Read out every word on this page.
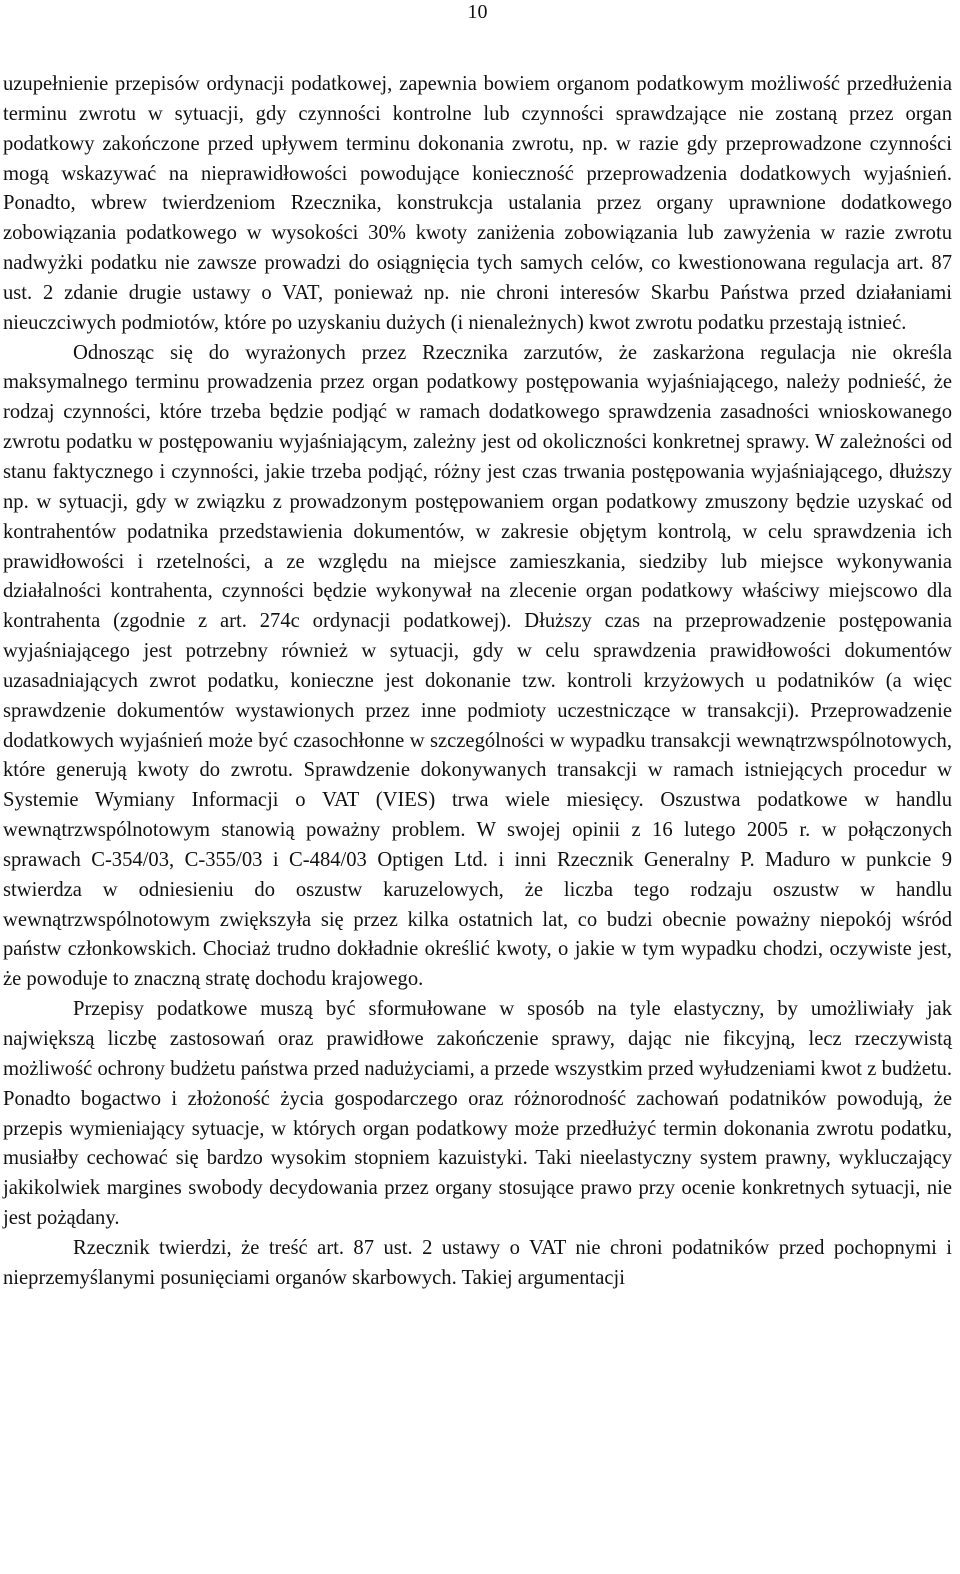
10

uzupełnienie przepisów ordynacji podatkowej, zapewnia bowiem organom podatkowym możliwość przedłużenia terminu zwrotu w sytuacji, gdy czynności kontrolne lub czynności sprawdzające nie zostaną przez organ podatkowy zakończone przed upływem terminu dokonania zwrotu, np. w razie gdy przeprowadzone czynności mogą wskazywać na nieprawidłowości powodujące konieczność przeprowadzenia dodatkowych wyjaśnień. Ponadto, wbrew twierdzeniom Rzecznika, konstrukcja ustalania przez organy uprawnione dodatkowego zobowiązania podatkowego w wysokości 30% kwoty zaniżenia zobowiązania lub zawyżenia w razie zwrotu nadwyżki podatku nie zawsze prowadzi do osiągnięcia tych samych celów, co kwestionowana regulacja art. 87 ust. 2 zdanie drugie ustawy o VAT, ponieważ np. nie chroni interesów Skarbu Państwa przed działaniami nieuczciwych podmiotów, które po uzyskaniu dużych (i nienależnych) kwot zwrotu podatku przestają istnieć.

Odnosząc się do wyrażonych przez Rzecznika zarzutów, że zaskarżona regulacja nie określa maksymalnego terminu prowadzenia przez organ podatkowy postępowania wyjaśniającego, należy podnieść, że rodzaj czynności, które trzeba będzie podjąć w ramach dodatkowego sprawdzenia zasadności wnioskowanego zwrotu podatku w postępowaniu wyjaśniającym, zależny jest od okoliczności konkretnej sprawy. W zależności od stanu faktycznego i czynności, jakie trzeba podjąć, różny jest czas trwania postępowania wyjaśniającego, dłuższy np. w sytuacji, gdy w związku z prowadzonym postępowaniem organ podatkowy zmuszony będzie uzyskać od kontrahentów podatnika przedstawienia dokumentów, w zakresie objętym kontrolą, w celu sprawdzenia ich prawidłowości i rzetelności, a ze względu na miejsce zamieszkania, siedziby lub miejsce wykonywania działalności kontrahenta, czynności będzie wykonywał na zlecenie organ podatkowy właściwy miejscowo dla kontrahenta (zgodnie z art. 274c ordynacji podatkowej). Dłuższy czas na przeprowadzenie postępowania wyjaśniającego jest potrzebny również w sytuacji, gdy w celu sprawdzenia prawidłowości dokumentów uzasadniających zwrot podatku, konieczne jest dokonanie tzw. kontroli krzyżowych u podatników (a więc sprawdzenie dokumentów wystawionych przez inne podmioty uczestniczące w transakcji). Przeprowadzenie dodatkowych wyjaśnień może być czasochłonne w szczególności w wypadku transakcji wewnątrzwspólnotowych, które generują kwoty do zwrotu. Sprawdzenie dokonywanych transakcji w ramach istniejących procedur w Systemie Wymiany Informacji o VAT (VIES) trwa wiele miesięcy. Oszustwa podatkowe w handlu wewnątrzwspólnotowym stanowią poważny problem. W swojej opinii z 16 lutego 2005 r. w połączonych sprawach C-354/03, C-355/03 i C-484/03 Optigen Ltd. i inni Rzecznik Generalny P. Maduro w punkcie 9 stwierdza w odniesieniu do oszustw karuzelowych, że liczba tego rodzaju oszustw w handlu wewnątrzwspólnotowym zwiększyła się przez kilka ostatnich lat, co budzi obecnie poważny niepokój wśród państw członkowskich. Chociaż trudno dokładnie określić kwoty, o jakie w tym wypadku chodzi, oczywiste jest, że powoduje to znaczną stratę dochodu krajowego.

Przepisy podatkowe muszą być sformułowane w sposób na tyle elastyczny, by umożliwiały jak największą liczbę zastosowań oraz prawidłowe zakończenie sprawy, dając nie fikcyjną, lecz rzeczywistą możliwość ochrony budżetu państwa przed nadużyciami, a przede wszystkim przed wyłudzeniami kwot z budżetu. Ponadto bogactwo i złożoność życia gospodarczego oraz różnorodność zachowań podatników powodują, że przepis wymieniający sytuacje, w których organ podatkowy może przedłużyć termin dokonania zwrotu podatku, musiałby cechować się bardzo wysokim stopniem kazuistyki. Taki nieelastyczny system prawny, wykluczający jakikolwiek margines swobody decydowania przez organy stosujące prawo przy ocenie konkretnych sytuacji, nie jest pożądany.

Rzecznik twierdzi, że treść art. 87 ust. 2 ustawy o VAT nie chroni podatników przed pochopnymi i nieprzemyślanymi posunięciami organów skarbowych. Takiej argumentacji
